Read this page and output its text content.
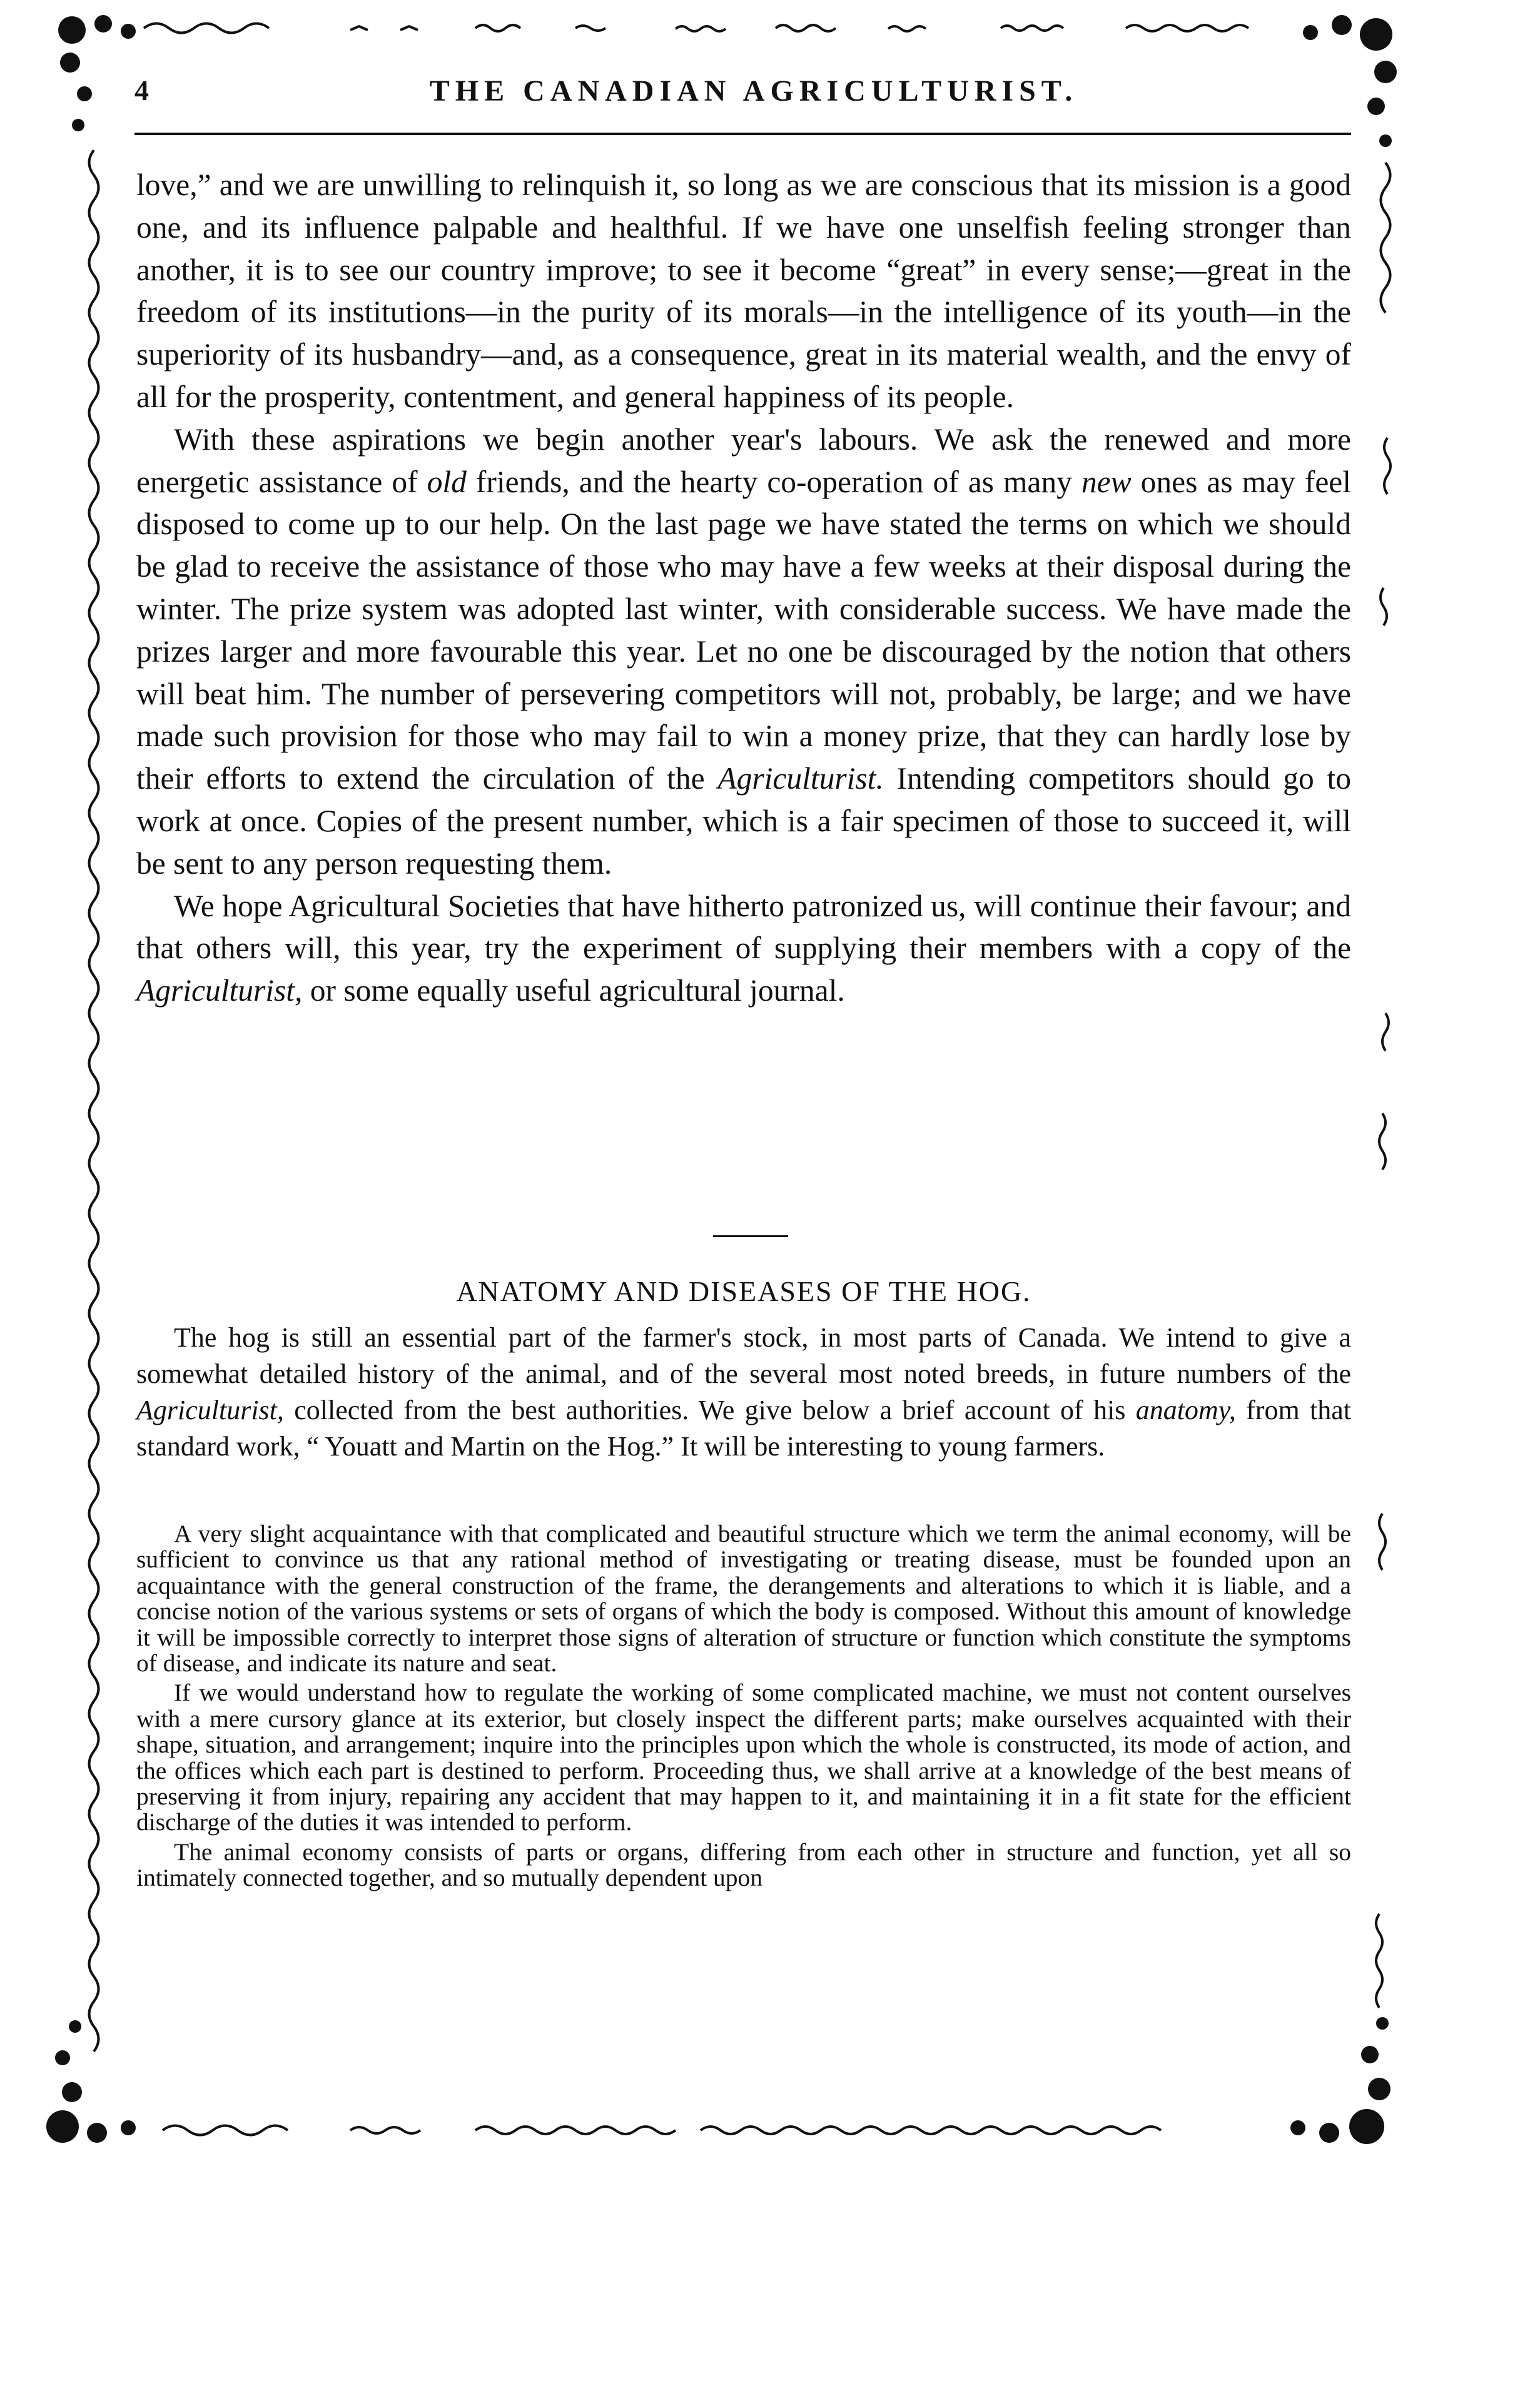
4	THE CANADIAN AGRICULTURIST.

love,” and we are unwilling to relinquish it, so long as we are conscious that its mission is a good one, and its influence palpable and healthful. If we have one unselfish feeling stronger than another, it is to see our country improve; to see it become “great” in every sense;—great in the freedom of its institutions—in the purity of its morals—in the intelligence of its youth—in the superiority of its husbandry—and, as a consequence, great in its material wealth, and the envy of all for the prosperity, contentment, and general happiness of its people.

With these aspirations we begin another year's labours. We ask the renewed and more energetic assistance of old friends, and the hearty co-operation of as many new ones as may feel disposed to come up to our help. On the last page we have stated the terms on which we should be glad to receive the assistance of those who may have a few weeks at their disposal during the winter. The prize system was adopted last winter, with considerable success. We have made the prizes larger and more favourable this year. Let no one be discouraged by the notion that others will beat him. The number of persevering competitors will not, probably, be large; and we have made such provision for those who may fail to win a money prize, that they can hardly lose by their efforts to extend the circulation of the Agriculturist. Intending competitors should go to work at once. Copies of the present number, which is a fair specimen of those to succeed it, will be sent to any person requesting them.

We hope Agricultural Societies that have hitherto patronized us, will continue their favour; and that others will, this year, try the experiment of supplying their members with a copy of the Agriculturist, or some equally useful agricultural journal.

ANATOMY AND DISEASES OF THE HOG.

The hog is still an essential part of the farmer's stock, in most parts of Canada. We intend to give a somewhat detailed history of the animal, and of the several most noted breeds, in future numbers of the Agriculturist, collected from the best authorities. We give below a brief account of his anatomy, from that standard work, “ Youatt and Martin on the Hog.” It will be interesting to young farmers.

A very slight acquaintance with that complicated and beautiful structure which we term the animal economy, will be sufficient to convince us that any rational method of investigating or treating disease, must be founded upon an acquaintance with the general construction of the frame, the derangements and alterations to which it is liable, and a concise notion of the various systems or sets of organs of which the body is composed. Without this amount of knowledge it will be impossible correctly to interpret those signs of alteration of structure or function which constitute the symptoms of disease, and indicate its nature and seat.

If we would understand how to regulate the working of some complicated machine, we must not content ourselves with a mere cursory glance at its exterior, but closely inspect the different parts; make ourselves acquainted with their shape, situation, and arrangement; inquire into the principles upon which the whole is constructed, its mode of action, and the offices which each part is destined to perform. Proceeding thus, we shall arrive at a knowledge of the best means of preserving it from injury, repairing any accident that may happen to it, and maintaining it in a fit state for the efficient discharge of the duties it was intended to perform.

The animal economy consists of parts or organs, differing from each other in structure and function, yet all so intimately connected together, and so mutually dependent upon
